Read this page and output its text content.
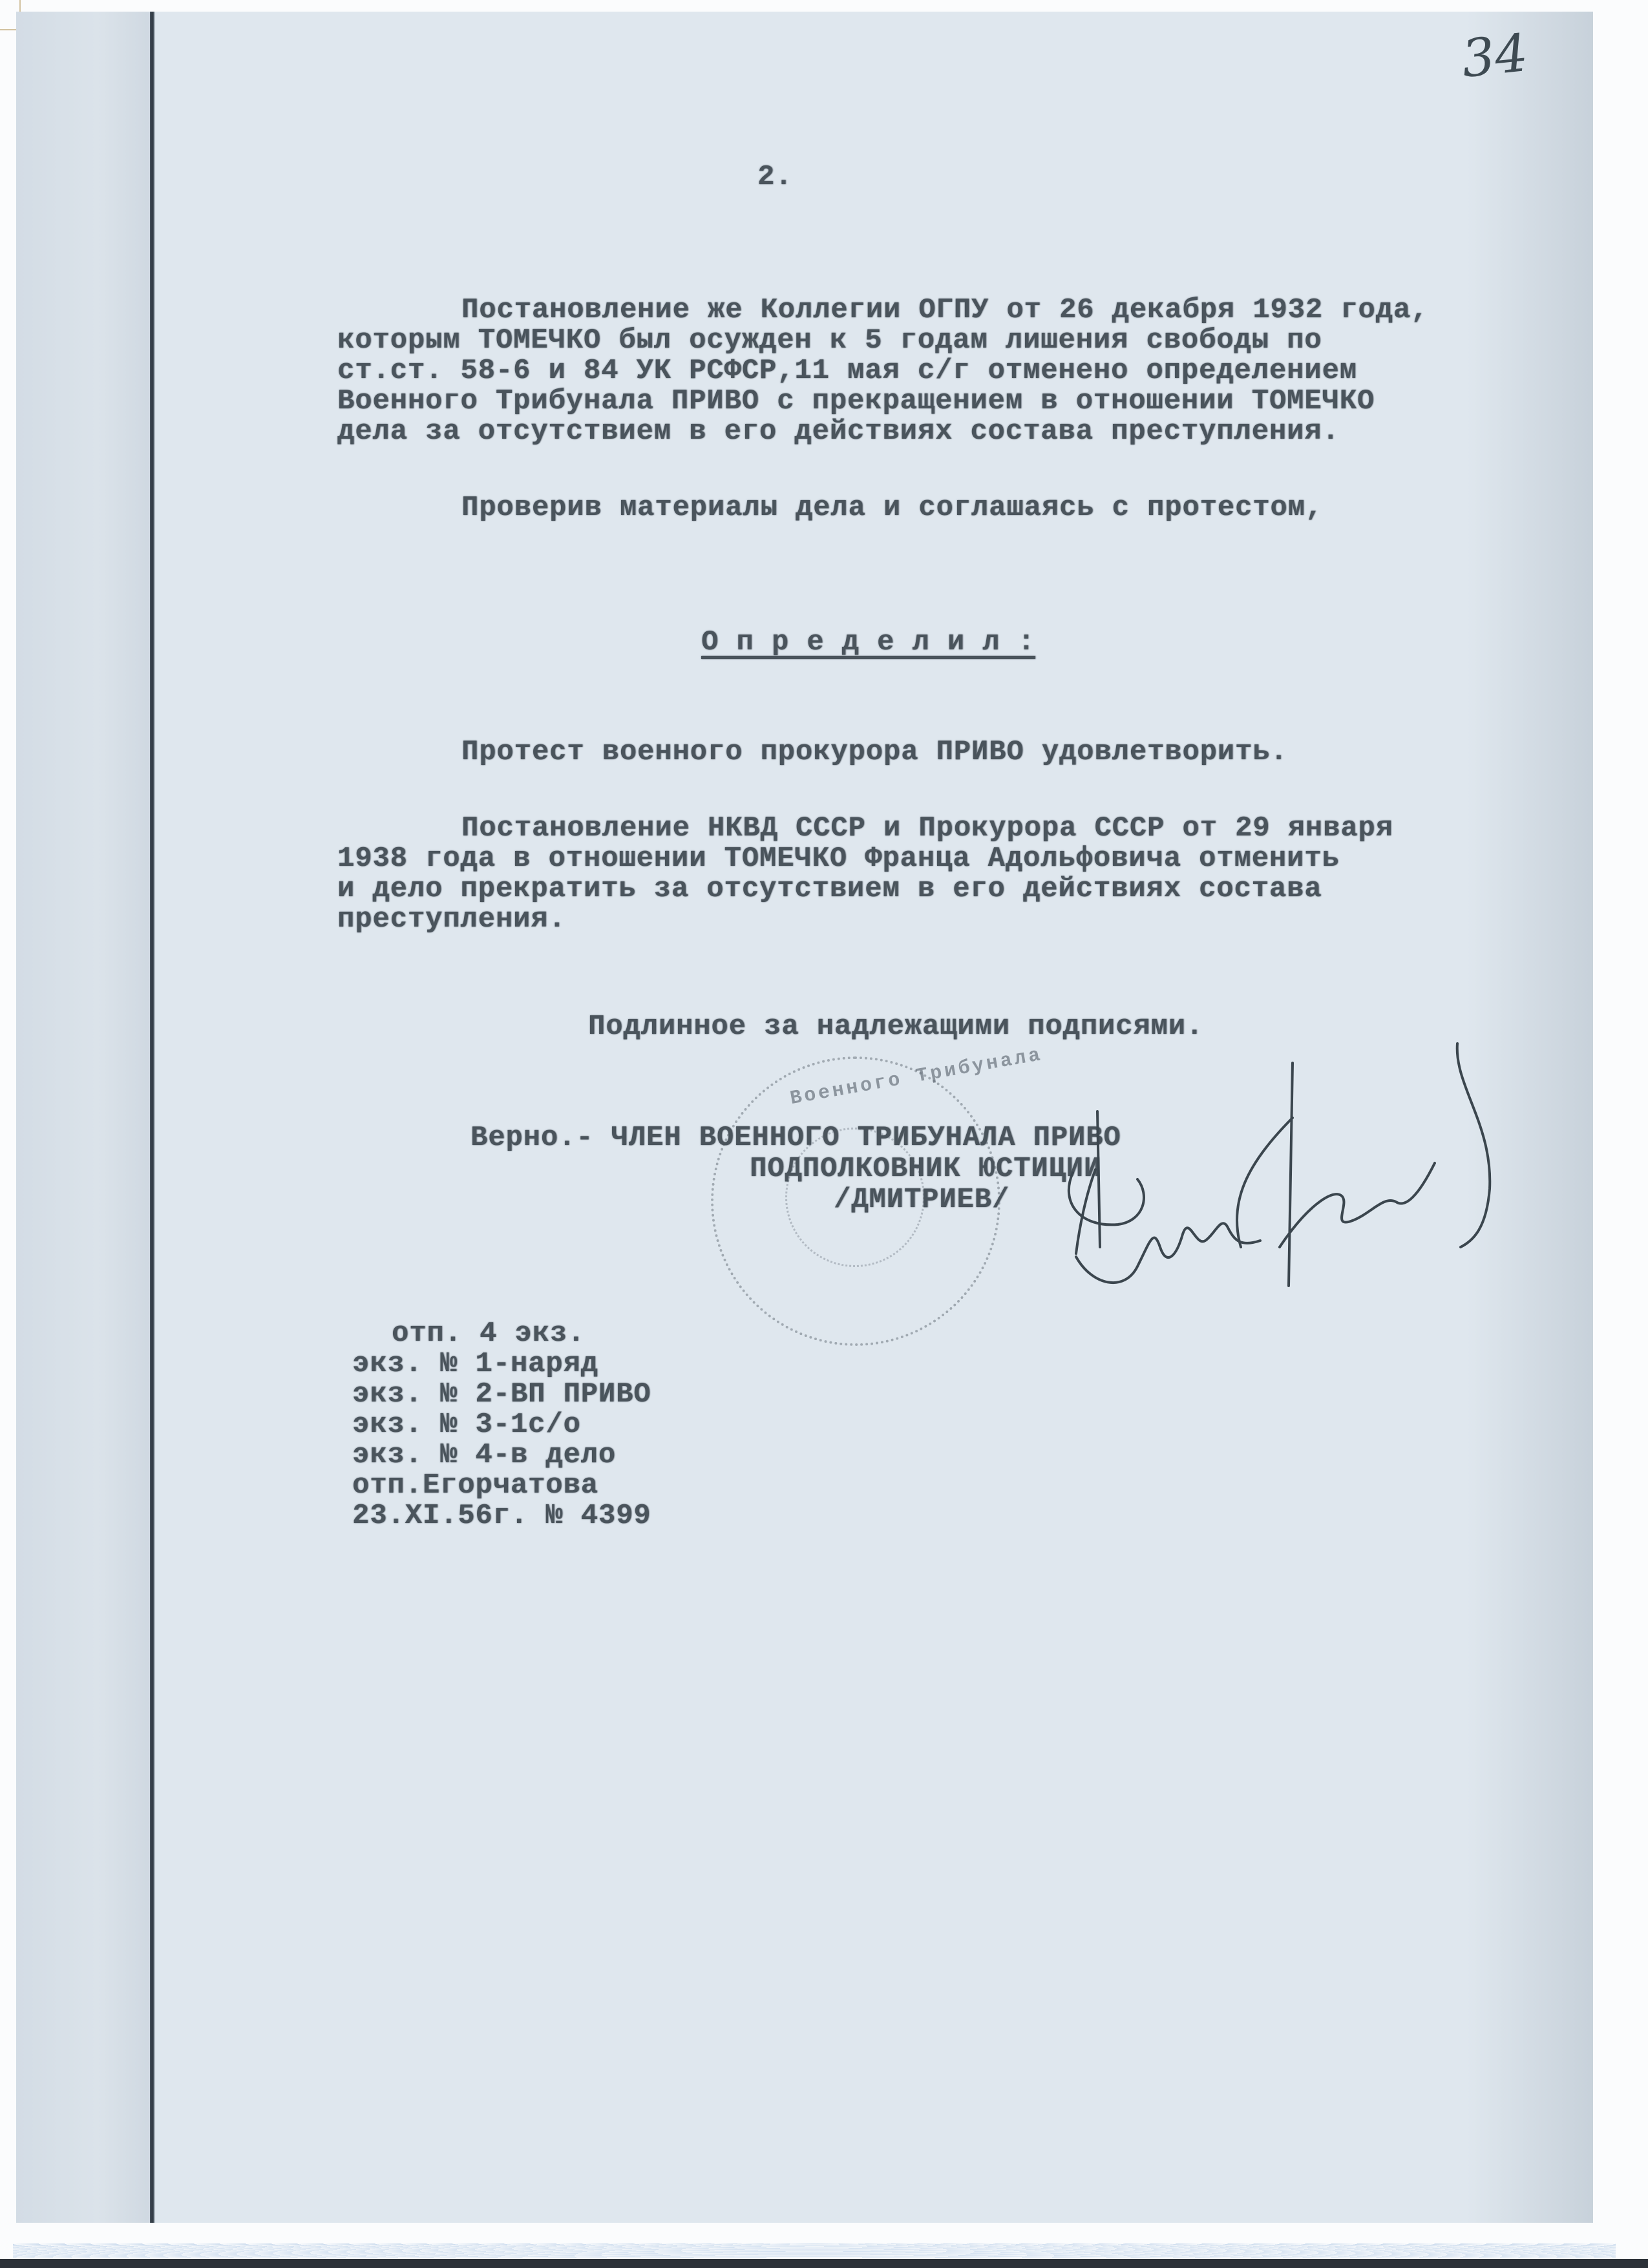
34
2.
Постановление же Коллегии ОГПУ от 26 декабря 1932 года,
которым ТОМЕЧКО был осужден к 5 годам лишения свободы по
ст.ст. 58-6 и 84 УК РСФСР,11 мая с/г отменено определением
Военного Трибунала ПРИВО с прекращением в отношении ТОМЕЧКО
дела за отсутствием в его действиях состава преступления.
Проверив материалы дела и соглашаясь с протестом,
О п р е д е л и л :
Протест военного прокурора ПРИВО удовлетворить.
Постановление НКВД СССР и Прокурора СССР от 29 января
1938 года в отношении ТОМЕЧКО Франца Адольфовича отменить
и дело прекратить за отсутствием в его действиях состава
преступления.
Подлинное за надлежащими подписями.
Военного Трибунала
Верно.- ЧЛЕН ВОЕННОГО ТРИБУНАЛА ПРИВО
ПОДПОЛКОВНИК ЮСТИЦИИ
/ДМИТРИЕВ/
отп. 4 экз.
экз. № 1-наряд
экз. № 2-ВП ПРИВО
экз. № 3-1с/о
экз. № 4-в дело
отп.Егорчатова
23.XI.56г. № 4399
